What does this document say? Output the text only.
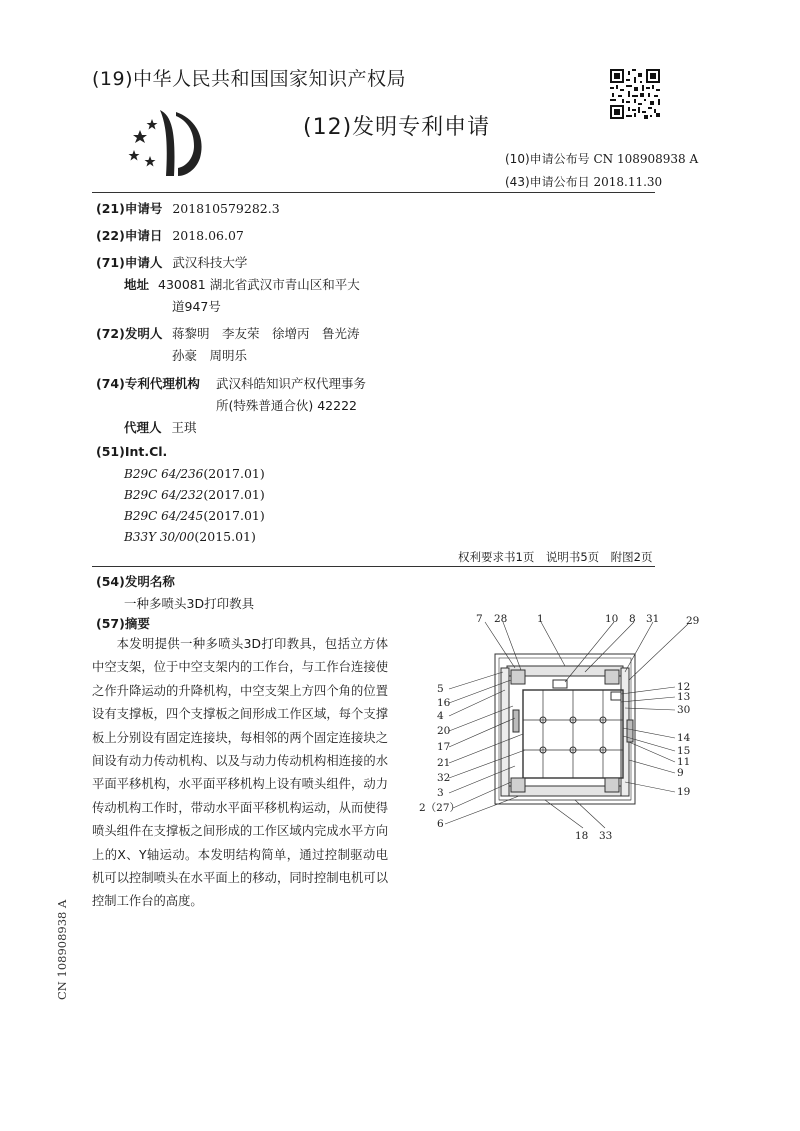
(19)中华人民共和国国家知识产权局
(12)发明专利申请
(10)申请公布号 CN 108908938 A
(43)申请公布日 2018.11.30
(21)申请号 201810579282.3
(22)申请日 2018.06.07
(71)申请人 武汉科技大学
地址 430081 湖北省武汉市青山区和平大
道947号
(72)发明人 蒋黎明　李友荣　徐增丙　鲁光涛
孙豪　周明乐
(74)专利代理机构 武汉科皓知识产权代理事务
所(特殊普通合伙) 42222
代理人 王琪
(51)Int.Cl.
B29C 64/236(2017.01)
B29C 64/232(2017.01)
B29C 64/245(2017.01)
B33Y 30/00(2015.01)
权利要求书1页　说明书5页　附图2页
(54)发明名称
一种多喷头3D打印教具
(57)摘要
本发明提供一种多喷头3D打印教具，包括立方体中空支架，位于中空支架内的工作台，与工作台连接使之作升降运动的升降机构，中空支架上方四个角的位置设有支撑板，四个支撑板之间形成工作区域，每个支撑板上分别设有固定连接块，每相邻的两个固定连接块之间设有动力传动机构、以及与动力传动机构相连接的水平面平移机构，水平面平移机构上设有喷头组件，动力传动机构工作时，带动水平面平移机构运动，从而使得喷头组件在支撑板之间形成的工作区域内完成水平方向上的X、Y轴运动。本发明结构简单，通过控制驱动电机可以控制喷头在水平面上的移动，同时控制电机可以控制工作台的高度。
CN 108908938 A
7 28	1	10 8 31	29
5
16
4
20
17
21
32
3
2（27）
6
12
13
30
14
15
11
9
19
18 33
